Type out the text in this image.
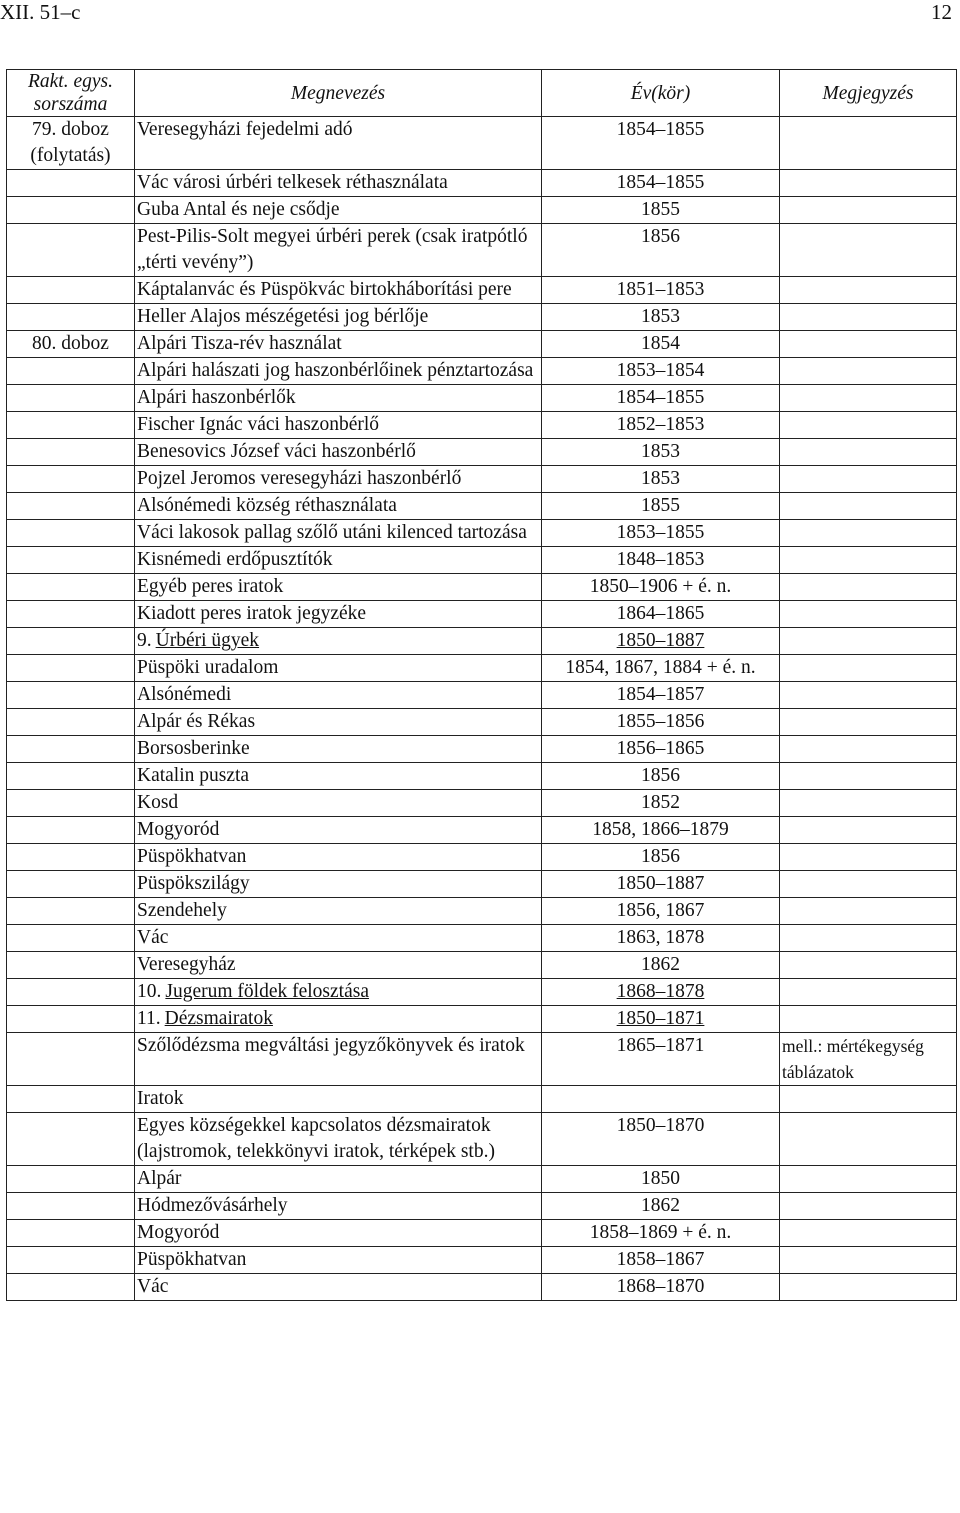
XII. 51–c	12
Rakt. egys. sorszáma	Megnevezés	Év(kör)	Megjegyzés
79. doboz (folytatás)	Veresegyházi fejedelmi adó	1854–1855	
	Vác városi úrbéri telkesek réthasználata	1854–1855	
	Guba Antal és neje csődje	1855	
	Pest-Pilis-Solt megyei úrbéri perek (csak iratpótló „térti vevény”)	1856	
	Káptalanvác és Püspökvác birtokháborítási pere	1851–1853	
	Heller Alajos mészégetési jog bérlője	1853	
80. doboz	Alpári Tisza-rév használat	1854	
	Alpári halászati jog haszonbérlőinek pénztartozása	1853–1854	
	Alpári haszonbérlők	1854–1855	
	Fischer Ignác váci haszonbérlő	1852–1853	
	Benesovics József váci haszonbérlő	1853	
	Pojzel Jeromos veresegyházi haszonbérlő	1853	
	Alsónémedi község réthasználata	1855	
	Váci lakosok pallag szőlő utáni kilenced tartozása	1853–1855	
	Kisnémedi erdőpusztítók	1848–1853	
	Egyéb peres iratok	1850–1906 + é. n.	
	Kiadott peres iratok jegyzéke	1864–1865	
	9. Úrbéri ügyek	1850–1887	
	Püspöki uradalom	1854, 1867, 1884 + é. n.	
	Alsónémedi	1854–1857	
	Alpár és Rékas	1855–1856	
	Borsosberinke	1856–1865	
	Katalin puszta	1856	
	Kosd	1852	
	Mogyoród	1858, 1866–1879	
	Püspökhatvan	1856	
	Püspökszilágy	1850–1887	
	Szendehely	1856, 1867	
	Vác	1863, 1878	
	Veresegyház	1862	
	10. Jugerum földek felosztása	1868–1878	
	11. Dézsmairatok	1850–1871	
	Szőlődézsma megváltási jegyzőkönyvek és iratok	1865–1871	mell.: mértékegység táblázatok
	Iratok		
	Egyes községekkel kapcsolatos dézsmairatok (lajstromok, telekkönyvi iratok, térképek stb.)	1850–1870	
	Alpár	1850	
	Hódmezővásárhely	1862	
	Mogyoród	1858–1869 + é. n.	
	Püspökhatvan	1858–1867	
	Vác	1868–1870	
